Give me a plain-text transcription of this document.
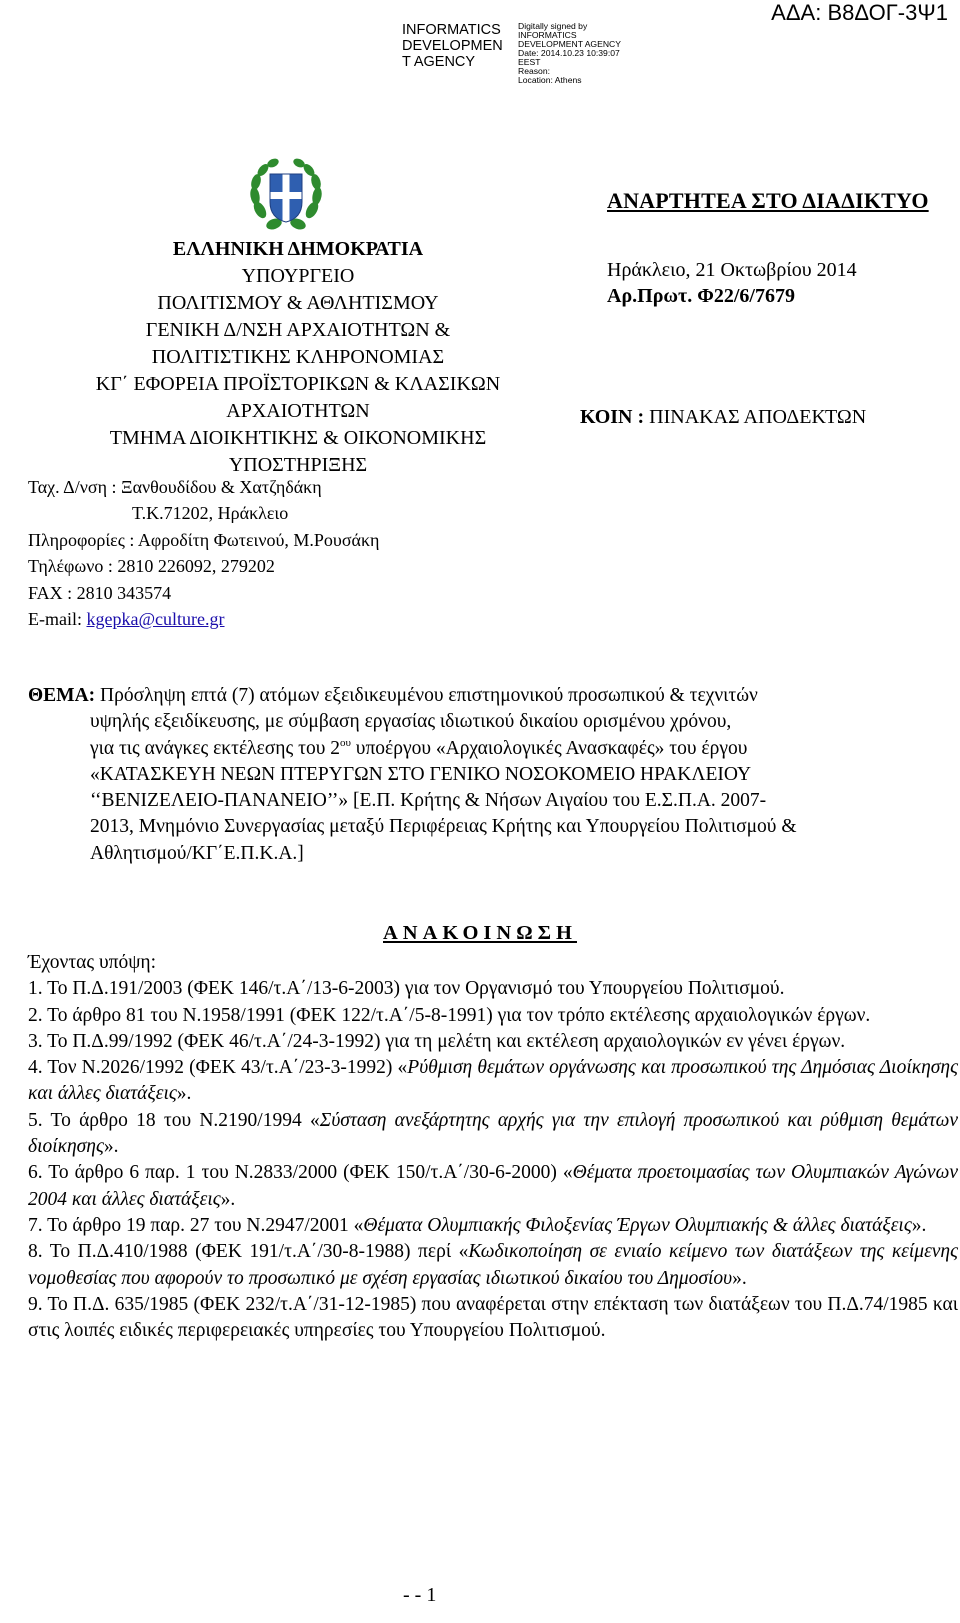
INFORMATICS DEVELOPMEN T AGENCY
Digitally signed by
INFORMATICS
DEVELOPMENT AGENCY
Date: 2014.10.23 10:39:07
EEST
Reason:
Location: Athens
ΑΔΑ: Β8ΔΟΓ-3Ψ1
ΕΛΛΗΝΙΚΗ ΔΗΜΟΚΡΑΤΙΑ
ΥΠΟΥΡΓΕΙΟ
ΠΟΛΙΤΙΣΜΟΥ & ΑΘΛΗΤΙΣΜΟΥ
ΓΕΝΙΚΗ Δ/ΝΣΗ ΑΡΧΑΙΟΤΗΤΩΝ &
ΠΟΛΙΤΙΣΤΙΚΗΣ ΚΛΗΡΟΝΟΜΙΑΣ
ΚΓ΄ ΕΦΟΡΕΙΑ ΠΡΟΪΣΤΟΡΙΚΩΝ & ΚΛΑΣΙΚΩΝ
ΑΡΧΑΙΟΤΗΤΩΝ
ΤΜΗΜΑ ΔΙΟΙΚΗΤΙΚΗΣ & ΟΙΚΟΝΟΜΙΚΗΣ
ΥΠΟΣΤΗΡΙΞΗΣ
Ταχ. Δ/νση : Ξανθουδίδου & Χατζηδάκη
Τ.Κ.71202, Ηράκλειο
Πληροφορίες : Αφροδίτη Φωτεινού, Μ.Ρουσάκη
Τηλέφωνο : 2810 226092, 279202
FAX : 2810 343574
E-mail: kgepka@culture.gr
ΑΝΑΡΤΗΤΕΑ ΣΤΟ ΔΙΑΔΙΚΤΥΟ
Ηράκλειο, 21 Οκτωβρίου 2014
Αρ.Πρωτ. Φ22/6/7679
ΚΟΙΝ : ΠΙΝΑΚΑΣ ΑΠΟΔΕΚΤΩΝ
ΘΕΜΑ: Πρόσληψη επτά (7) ατόμων εξειδικευμένου επιστημονικού προσωπικού & τεχνιτών
υψηλής εξειδίκευσης, με σύμβαση εργασίας ιδιωτικού δικαίου ορισμένου χρόνου,
για τις ανάγκες εκτέλεσης του $2^{o\upsilon}$ υποέργου «Αρχαιολογικές Ανασκαφές» του έργου
«ΚΑΤΑΣΚΕΥΗ ΝΕΩΝ ΠΤΕΡΥΓΩΝ ΣΤΟ ΓΕΝΙΚΟ ΝΟΣΟΚΟΜΕΙΟ ΗΡΑΚΛΕΙΟΥ
‘‘ΒΕΝΙΖΕΛΕΙΟ-ΠΑΝΑΝΕΙΟ’’» [Ε.Π. Κρήτης & Νήσων Αιγαίου του Ε.Σ.Π.Α. 2007-
2013, Μνημόνιο Συνεργασίας μεταξύ Περιφέρειας Κρήτης και Υπουργείου Πολιτισμού &
Αθλητισμού/ΚΓ΄Ε.Π.Κ.Α.]
ΑΝΑΚΟΙΝΩΣΗ

Έχοντας υπόψη:

1. Το Π.Δ.191/2003 (ΦΕΚ 146/τ.Α΄/13-6-2003) για τον Οργανισμό του Υπουργείου Πολιτισμού.

2. Το άρθρο 81 του Ν.1958/1991 (ΦΕΚ 122/τ.Α΄/5-8-1991) για τον τρόπο εκτέλεσης αρχαιολογικών έργων.

3. Το Π.Δ.99/1992 (ΦΕΚ 46/τ.Α΄/24-3-1992) για τη μελέτη και εκτέλεση αρχαιολογικών εν γένει έργων.

4. Τον Ν.2026/1992 (ΦΕΚ 43/τ.Α΄/23-3-1992) «Ρύθμιση θεμάτων οργάνωσης και προσωπικού της Δημόσιας Διοίκησης και άλλες διατάξεις».

5. Το άρθρο 18 του Ν.2190/1994 «Σύσταση ανεξάρτητης αρχής για την επιλογή προσωπικού και ρύθμιση θεμάτων διοίκησης».

6. Το άρθρο 6 παρ. 1 του Ν.2833/2000 (ΦΕΚ 150/τ.Α΄/30-6-2000) «Θέματα προετοιμασίας των Ολυμπιακών Αγώνων 2004 και άλλες διατάξεις».

7. Το άρθρο 19 παρ. 27 του Ν.2947/2001 «Θέματα Ολυμπιακής Φιλοξενίας Έργων Ολυμπιακής & άλλες διατάξεις».

8. Το Π.Δ.410/1988 (ΦΕΚ 191/τ.Α΄/30-8-1988) περί «Κωδικοποίηση σε ενιαίο κείμενο των διατάξεων της κείμενης νομοθεσίας που αφορούν το προσωπικό με σχέση εργασίας ιδιωτικού δικαίου του Δημοσίου».

9. Το Π.Δ. 635/1985 (ΦΕΚ 232/τ.Α΄/31-12-1985) που αναφέρεται στην επέκταση των διατάξεων του Π.Δ.74/1985 και στις λοιπές ειδικές περιφερειακές υπηρεσίες του Υπουργείου Πολιτισμού.

- - 1
